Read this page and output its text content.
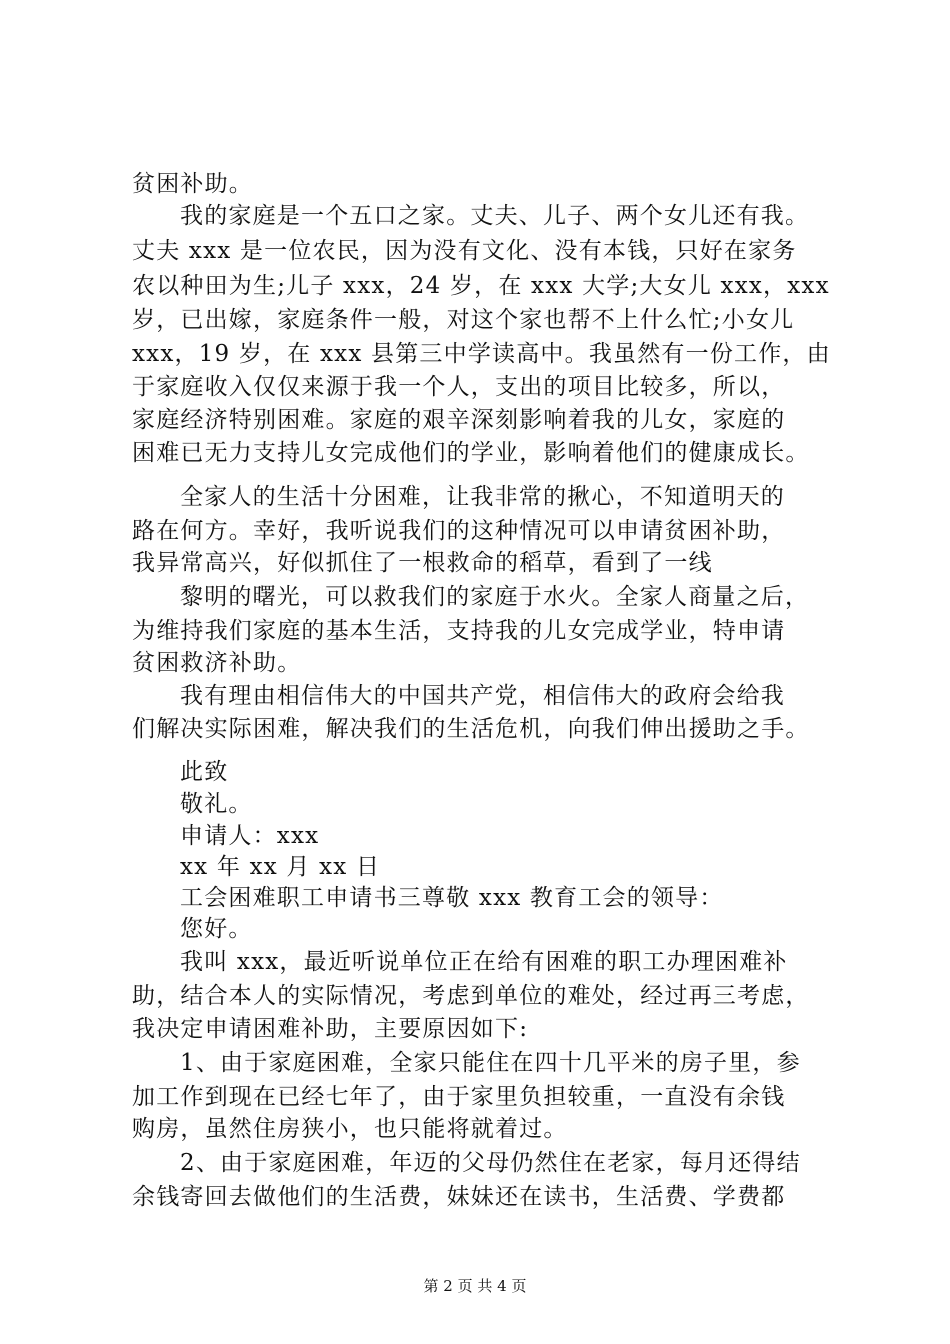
贫困补助。
我的家庭是一个五口之家。丈夫、儿子、两个女儿还有我。
丈夫 xxx 是一位农民，因为没有文化、没有本钱，只好在家务
农以种田为生;儿子 xxx，24 岁，在 xxx 大学;大女儿 xxx，xxx
岁，已出嫁，家庭条件一般，对这个家也帮不上什么忙;小女儿
xxx，19 岁，在 xxx 县第三中学读高中。我虽然有一份工作，由
于家庭收入仅仅来源于我一个人，支出的项目比较多，所以，
家庭经济特别困难。家庭的艰辛深刻影响着我的儿女，家庭的
困难已无力支持儿女完成他们的学业，影响着他们的健康成长。
全家人的生活十分困难，让我非常的揪心，不知道明天的
路在何方。幸好，我听说我们的这种情况可以申请贫困补助，
我异常高兴，好似抓住了一根救命的稻草，看到了一线
黎明的曙光，可以救我们的家庭于水火。全家人商量之后，
为维持我们家庭的基本生活，支持我的儿女完成学业，特申请
贫困救济补助。
我有理由相信伟大的中国共产党，相信伟大的政府会给我
们解决实际困难，解决我们的生活危机，向我们伸出援助之手。
此致
敬礼。
申请人：xxx
xx 年 xx 月 xx 日
工会困难职工申请书三尊敬 xxx 教育工会的领导：
您好。
我叫 xxx，最近听说单位正在给有困难的职工办理困难补
助，结合本人的实际情况，考虑到单位的难处，经过再三考虑，
我决定申请困难补助，主要原因如下:
1、由于家庭困难，全家只能住在四十几平米的房子里，参
加工作到现在已经七年了，由于家里负担较重，一直没有余钱
购房，虽然住房狭小，也只能将就着过。
2、由于家庭困难，年迈的父母仍然住在老家，每月还得结
余钱寄回去做他们的生活费，妹妹还在读书，生活费、学费都
第 2 页 共 4 页
